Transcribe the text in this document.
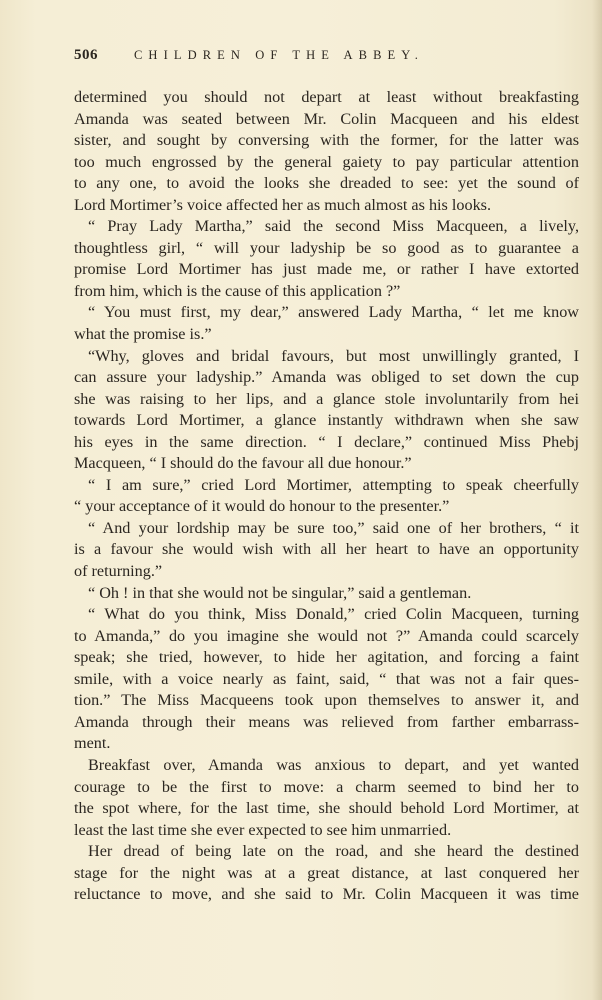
506	CHILDREN OF THE ABBEY.
determined you should not depart at least without breakfasting
Amanda was seated between Mr. Colin Macqueen and his eldest
sister, and sought by conversing with the former, for the latter was
too much engrossed by the general gaiety to pay particular attention
to any one, to avoid the looks she dreaded to see: yet the sound of
Lord Mortimer’s voice affected her as much almost as his looks.
“ Pray Lady Martha,” said the second Miss Macqueen, a lively,
thoughtless girl, “ will your ladyship be so good as to guarantee a
promise Lord Mortimer has just made me, or rather I have extorted
from him, which is the cause of this application ?”
“ You must first, my dear,” answered Lady Martha, “ let me know
what the promise is.”
“Why, gloves and bridal favours, but most unwillingly granted, I
can assure your ladyship.” Amanda was obliged to set down the cup
she was raising to her lips, and a glance stole involuntarily from hei
towards Lord Mortimer, a glance instantly withdrawn when she saw
his eyes in the same direction. “ I declare,” continued Miss Phebj
Macqueen, “ I should do the favour all due honour.”
“ I am sure,” cried Lord Mortimer, attempting to speak cheerfully
“ your acceptance of it would do honour to the presenter.”
“ And your lordship may be sure too,” said one of her brothers, “ it
is a favour she would wish with all her heart to have an opportunity
of returning.”
“ Oh ! in that she would not be singular,” said a gentleman.
“ What do you think, Miss Donald,” cried Colin Macqueen, turning
to Amanda,” do you imagine she would not ?” Amanda could scarcely
speak; she tried, however, to hide her agitation, and forcing a faint
smile, with a voice nearly as faint, said, “ that was not a fair ques-
tion.” The Miss Macqueens took upon themselves to answer it, and
Amanda through their means was relieved from farther embarrass-
ment.
Breakfast over, Amanda was anxious to depart, and yet wanted
courage to be the first to move: a charm seemed to bind her to
the spot where, for the last time, she should behold Lord Mortimer, at
least the last time she ever expected to see him unmarried.
Her dread of being late on the road, and she heard the destined
stage for the night was at a great distance, at last conquered her
reluctance to move, and she said to Mr. Colin Macqueen it was time
